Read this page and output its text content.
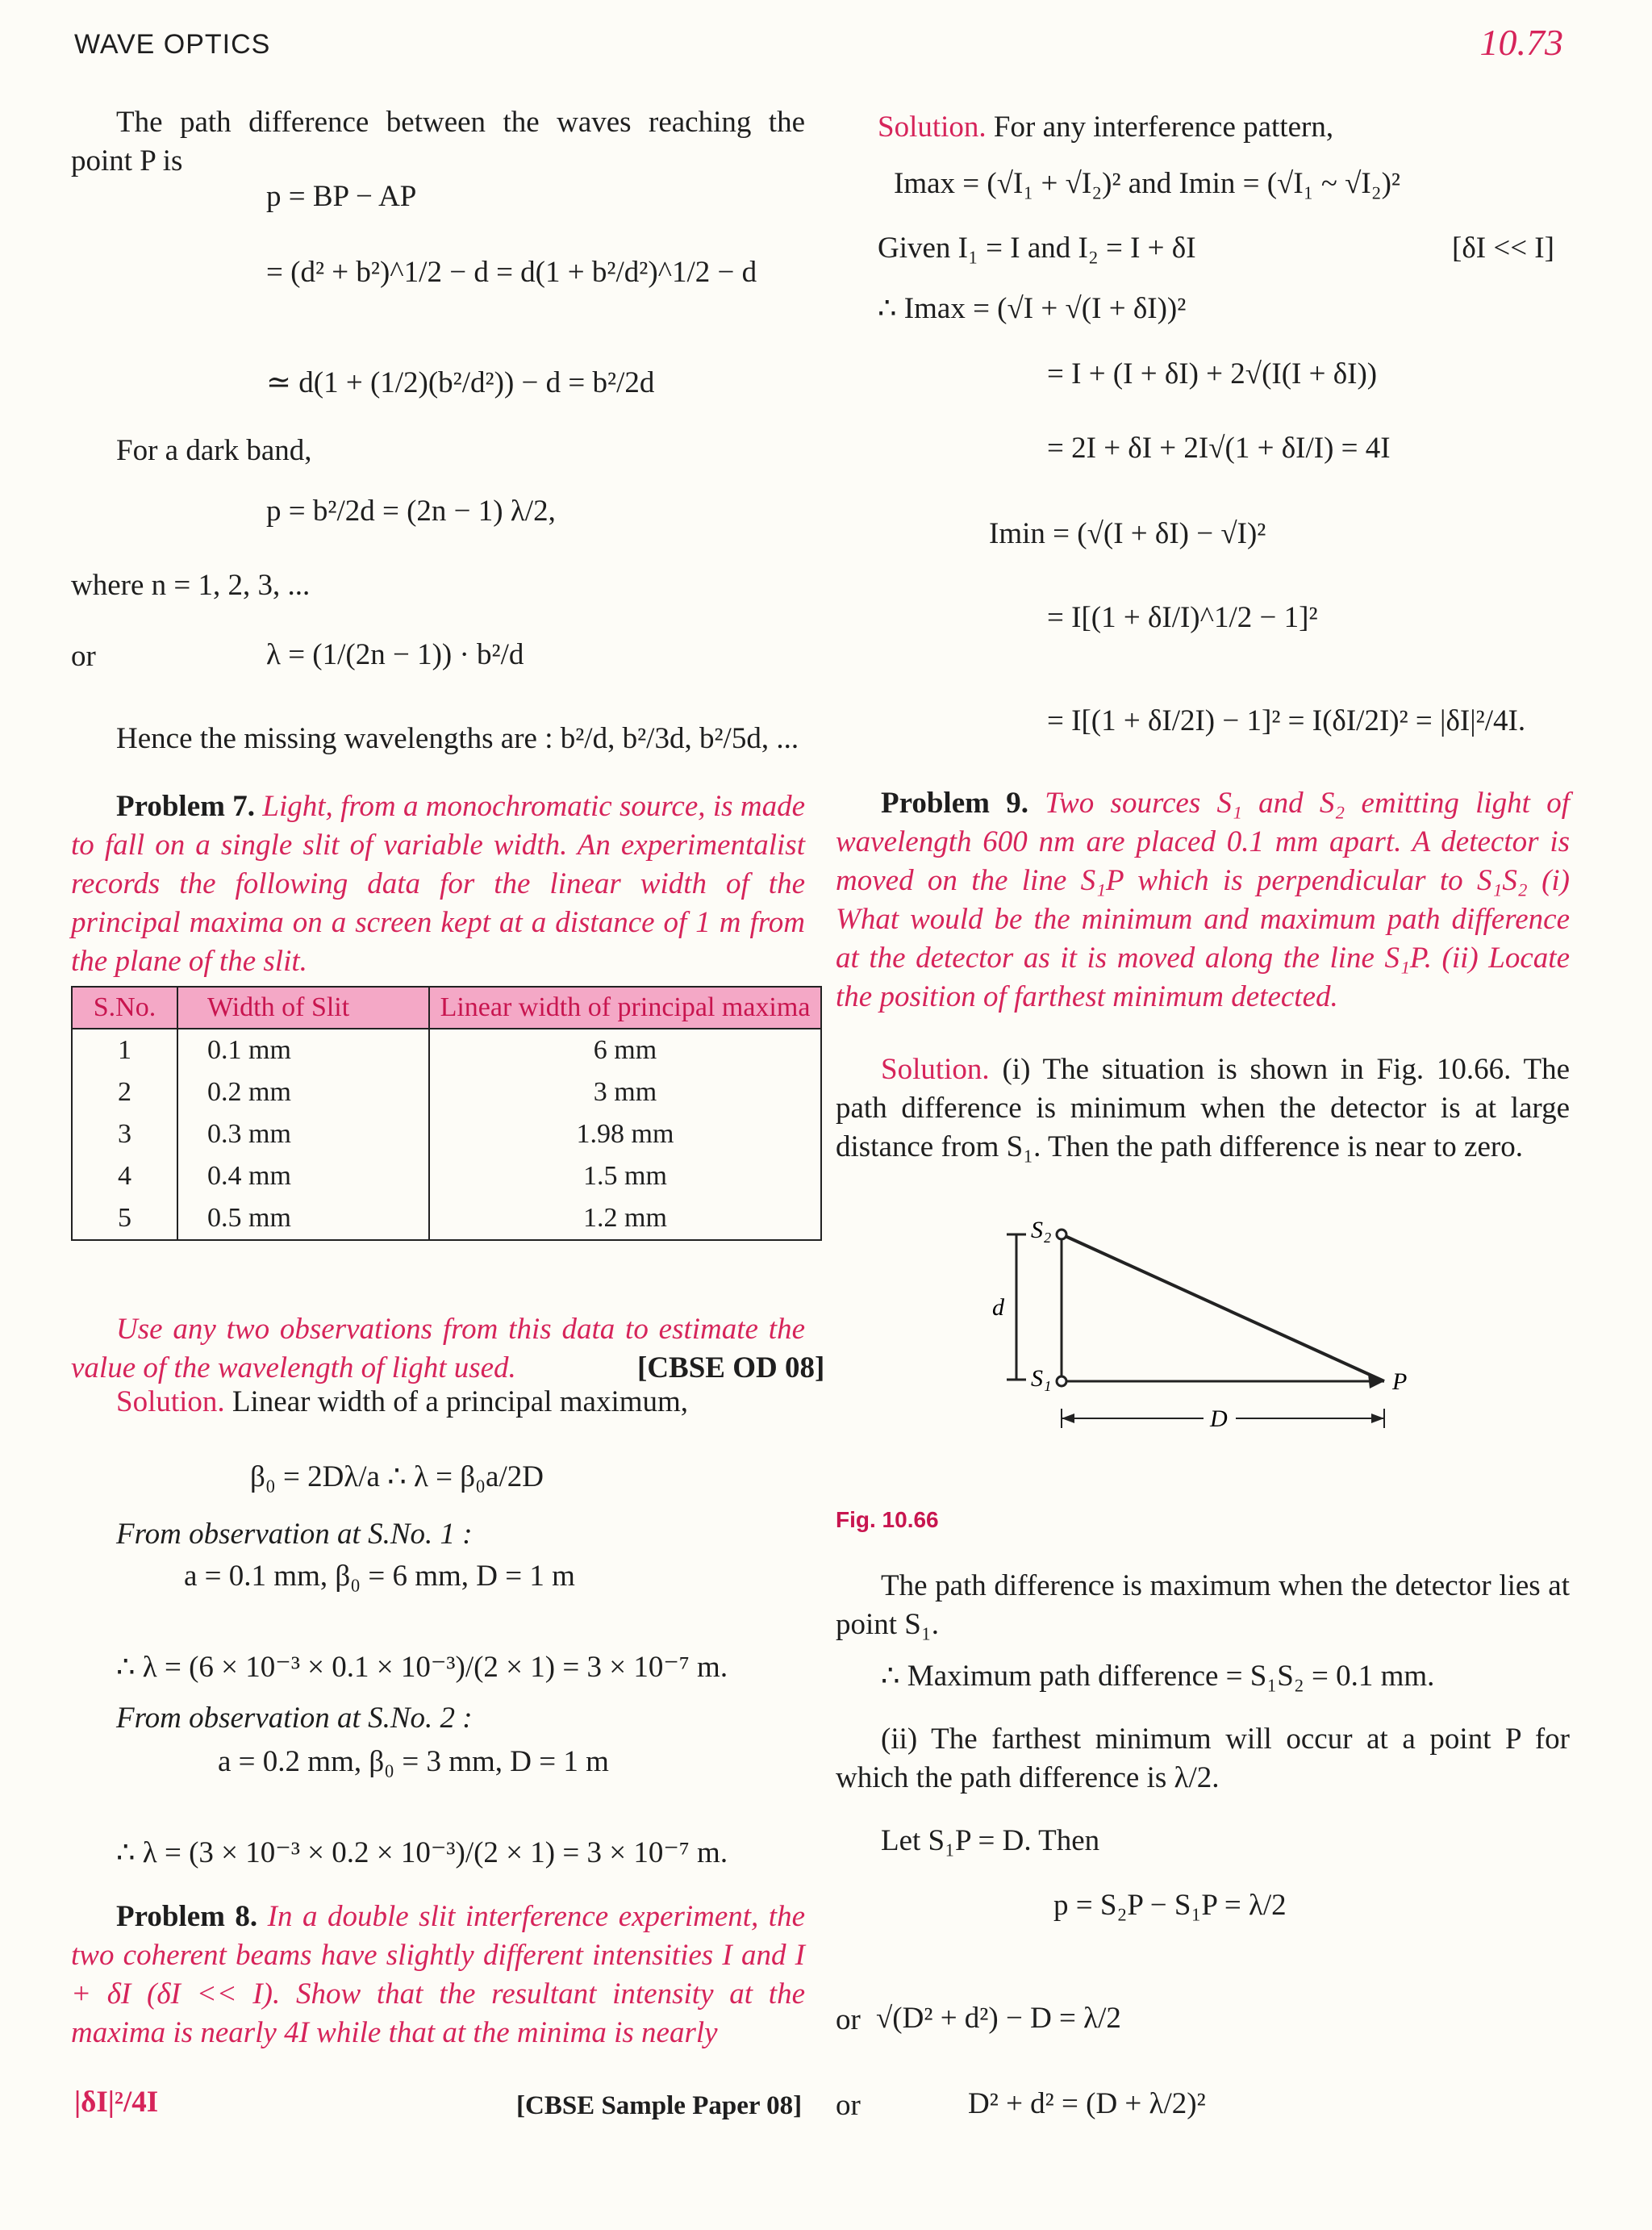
WAVE OPTICS	10.73
The path difference between the waves reaching the point P is
p = BP − AP
= (d² + b²)^1/2 − d = d(1 + b²/d²)^1/2 − d
≃ d(1 + (1/2)(b²/d²)) − d = b²/2d
For a dark band,
p = b²/2d = (2n − 1) λ/2,
where n = 1, 2, 3, ...
or	λ = (1/(2n − 1)) · b²/d
Hence the missing wavelengths are : b²/d, b²/3d, b²/5d, ...
Problem 7. Light, from a monochromatic source, is made to fall on a single slit of variable width. An experimentalist records the following data for the linear width of the principal maxima on a screen kept at a distance of 1 m from the plane of the slit.
S.No.	Width of Slit	Linear width of principal maxima
1	0.1 mm	6 mm
2	0.2 mm	3 mm
3	0.3 mm	1.98 mm
4	0.4 mm	1.5 mm
5	0.5 mm	1.2 mm
Use any two observations from this data to estimate the value of the wavelength of light used.	[CBSE OD 08]
Solution. Linear width of a principal maximum,
β₀ = 2Dλ/a ∴ λ = β₀a/2D
From observation at S.No. 1 :
a = 0.1 mm, β₀ = 6 mm, D = 1 m
∴ λ = (6 × 10⁻³ × 0.1 × 10⁻³)/(2 × 1) = 3 × 10⁻⁷ m.
From observation at S.No. 2 :
a = 0.2 mm, β₀ = 3 mm, D = 1 m
∴ λ = (3 × 10⁻³ × 0.2 × 10⁻³)/(2 × 1) = 3 × 10⁻⁷ m.
Problem 8. In a double slit interference experiment, the two coherent beams have slightly different intensities I and I + δI (δI << I). Show that the resultant intensity at the maxima is nearly 4I while that at the minima is nearly
|δI|²/4I	[CBSE Sample Paper 08]
Solution. For any interference pattern,
Imax = (√I₁ + √I₂)² and Imin = (√I₁ ~ √I₂)²
Given I₁ = I and I₂ = I + δI	[δI << I]
∴ Imax = (√I + √(I + δI))²
= I + (I + δI) + 2√(I(I + δI))
= 2I + δI + 2I√(1 + δI/I) = 4I
Imin = (√(I + δI) − √I)²
= I[(1 + δI/I)^1/2 − 1]²
= I[(1 + δI/2I) − 1]² = I(δI/2I)² = |δI|²/4I.
Problem 9. Two sources S₁ and S₂ emitting light of wavelength 600 nm are placed 0.1 mm apart. A detector is moved on the line S₁P which is perpendicular to S₁S₂ (i) What would be the minimum and maximum path difference at the detector as it is moved along the line S₁P. (ii) Locate the position of farthest minimum detected.
Solution. (i) The situation is shown in Fig. 10.66. The path difference is minimum when the detector is at large distance from S₁. Then the path difference is near to zero.
S₂
S₁
d
P
D
Fig. 10.66
The path difference is maximum when the detector lies at point S₁.
∴ Maximum path difference = S₁S₂ = 0.1 mm.
(ii) The farthest minimum will occur at a point P for which the path difference is λ/2.
Let S₁P = D. Then
p = S₂P − S₁P = λ/2
or √(D² + d²) − D = λ/2
or	D² + d² = (D + λ/2)²
